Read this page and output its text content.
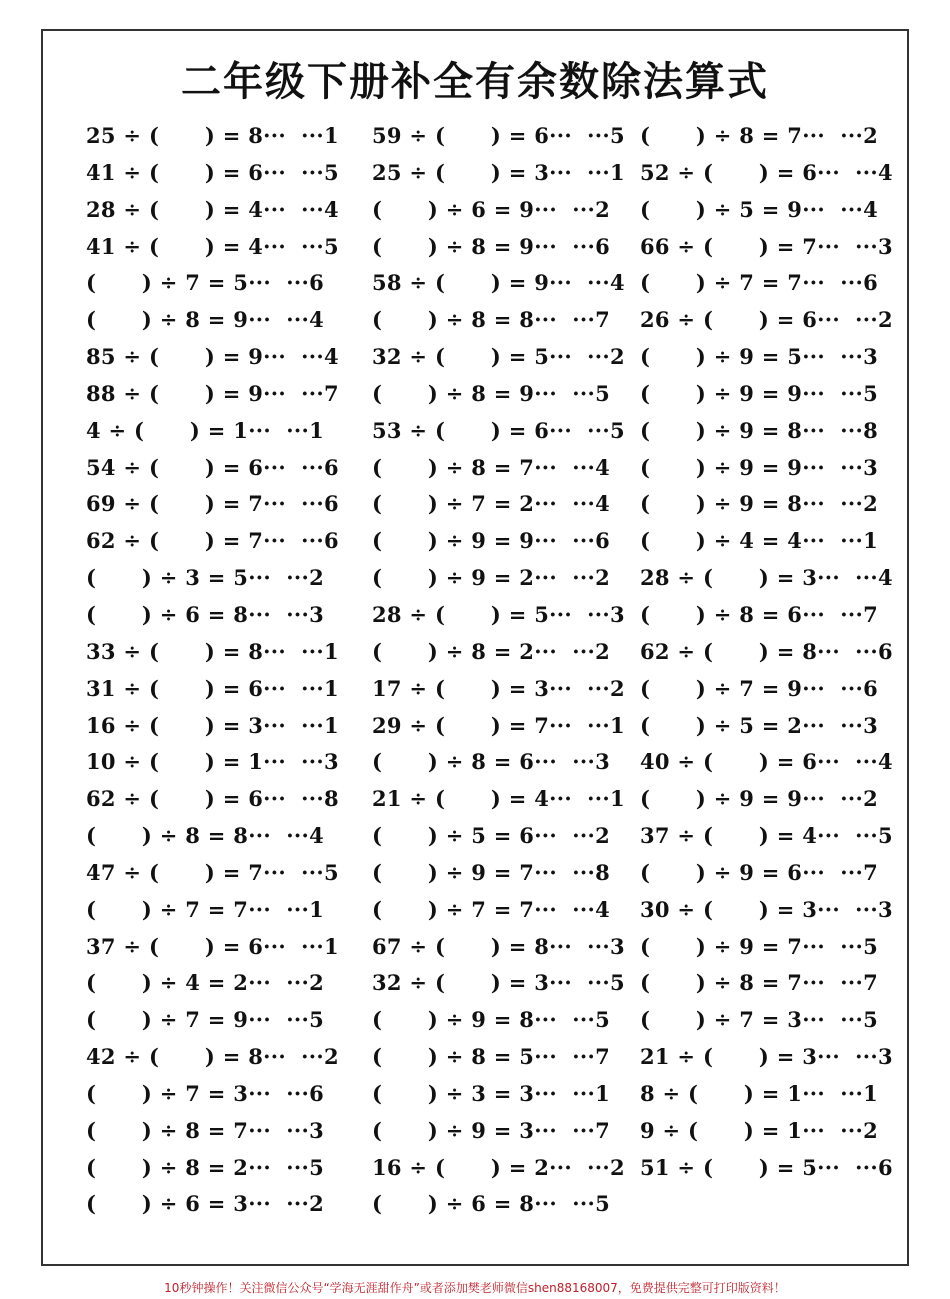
二年级下册补全有余数除法算式
25 ÷ (      ) = 8···  ···1
41 ÷ (      ) = 6···  ···5
28 ÷ (      ) = 4···  ···4
41 ÷ (      ) = 4···  ···5
(      ) ÷ 7 = 5···  ···6
(      ) ÷ 8 = 9···  ···4
85 ÷ (      ) = 9···  ···4
88 ÷ (      ) = 9···  ···7
4 ÷ (      ) = 1···  ···1
54 ÷ (      ) = 6···  ···6
69 ÷ (      ) = 7···  ···6
62 ÷ (      ) = 7···  ···6
(      ) ÷ 3 = 5···  ···2
(      ) ÷ 6 = 8···  ···3
33 ÷ (      ) = 8···  ···1
31 ÷ (      ) = 6···  ···1
16 ÷ (      ) = 3···  ···1
10 ÷ (      ) = 1···  ···3
62 ÷ (      ) = 6···  ···8
(      ) ÷ 8 = 8···  ···4
47 ÷ (      ) = 7···  ···5
(      ) ÷ 7 = 7···  ···1
37 ÷ (      ) = 6···  ···1
(      ) ÷ 4 = 2···  ···2
(      ) ÷ 7 = 9···  ···5
42 ÷ (      ) = 8···  ···2
(      ) ÷ 7 = 3···  ···6
(      ) ÷ 8 = 7···  ···3
(      ) ÷ 8 = 2···  ···5
(      ) ÷ 6 = 3···  ···2
59 ÷ (      ) = 6···  ···5
25 ÷ (      ) = 3···  ···1
(      ) ÷ 6 = 9···  ···2
(      ) ÷ 8 = 9···  ···6
58 ÷ (      ) = 9···  ···4
(      ) ÷ 8 = 8···  ···7
32 ÷ (      ) = 5···  ···2
(      ) ÷ 8 = 9···  ···5
53 ÷ (      ) = 6···  ···5
(      ) ÷ 8 = 7···  ···4
(      ) ÷ 7 = 2···  ···4
(      ) ÷ 9 = 9···  ···6
(      ) ÷ 9 = 2···  ···2
28 ÷ (      ) = 5···  ···3
(      ) ÷ 8 = 2···  ···2
17 ÷ (      ) = 3···  ···2
29 ÷ (      ) = 7···  ···1
(      ) ÷ 8 = 6···  ···3
21 ÷ (      ) = 4···  ···1
(      ) ÷ 5 = 6···  ···2
(      ) ÷ 9 = 7···  ···8
(      ) ÷ 7 = 7···  ···4
67 ÷ (      ) = 8···  ···3
32 ÷ (      ) = 3···  ···5
(      ) ÷ 9 = 8···  ···5
(      ) ÷ 8 = 5···  ···7
(      ) ÷ 3 = 3···  ···1
(      ) ÷ 9 = 3···  ···7
16 ÷ (      ) = 2···  ···2
(      ) ÷ 6 = 8···  ···5
(      ) ÷ 8 = 7···  ···2
52 ÷ (      ) = 6···  ···4
(      ) ÷ 5 = 9···  ···4
66 ÷ (      ) = 7···  ···3
(      ) ÷ 7 = 7···  ···6
26 ÷ (      ) = 6···  ···2
(      ) ÷ 9 = 5···  ···3
(      ) ÷ 9 = 9···  ···5
(      ) ÷ 9 = 8···  ···8
(      ) ÷ 9 = 9···  ···3
(      ) ÷ 9 = 8···  ···2
(      ) ÷ 4 = 4···  ···1
28 ÷ (      ) = 3···  ···4
(      ) ÷ 8 = 6···  ···7
62 ÷ (      ) = 8···  ···6
(      ) ÷ 7 = 9···  ···6
(      ) ÷ 5 = 2···  ···3
40 ÷ (      ) = 6···  ···4
(      ) ÷ 9 = 9···  ···2
37 ÷ (      ) = 4···  ···5
(      ) ÷ 9 = 6···  ···7
30 ÷ (      ) = 3···  ···3
(      ) ÷ 9 = 7···  ···5
(      ) ÷ 8 = 7···  ···7
(      ) ÷ 7 = 3···  ···5
21 ÷ (      ) = 3···  ···3
8 ÷ (      ) = 1···  ···1
9 ÷ (      ) = 1···  ···2
51 ÷ (      ) = 5···  ···6
10秒钟操作！关注微信公众号“学海无涯甜作舟”或者添加樊老师微信shen88168007，免费提供完整可打印版资料！
